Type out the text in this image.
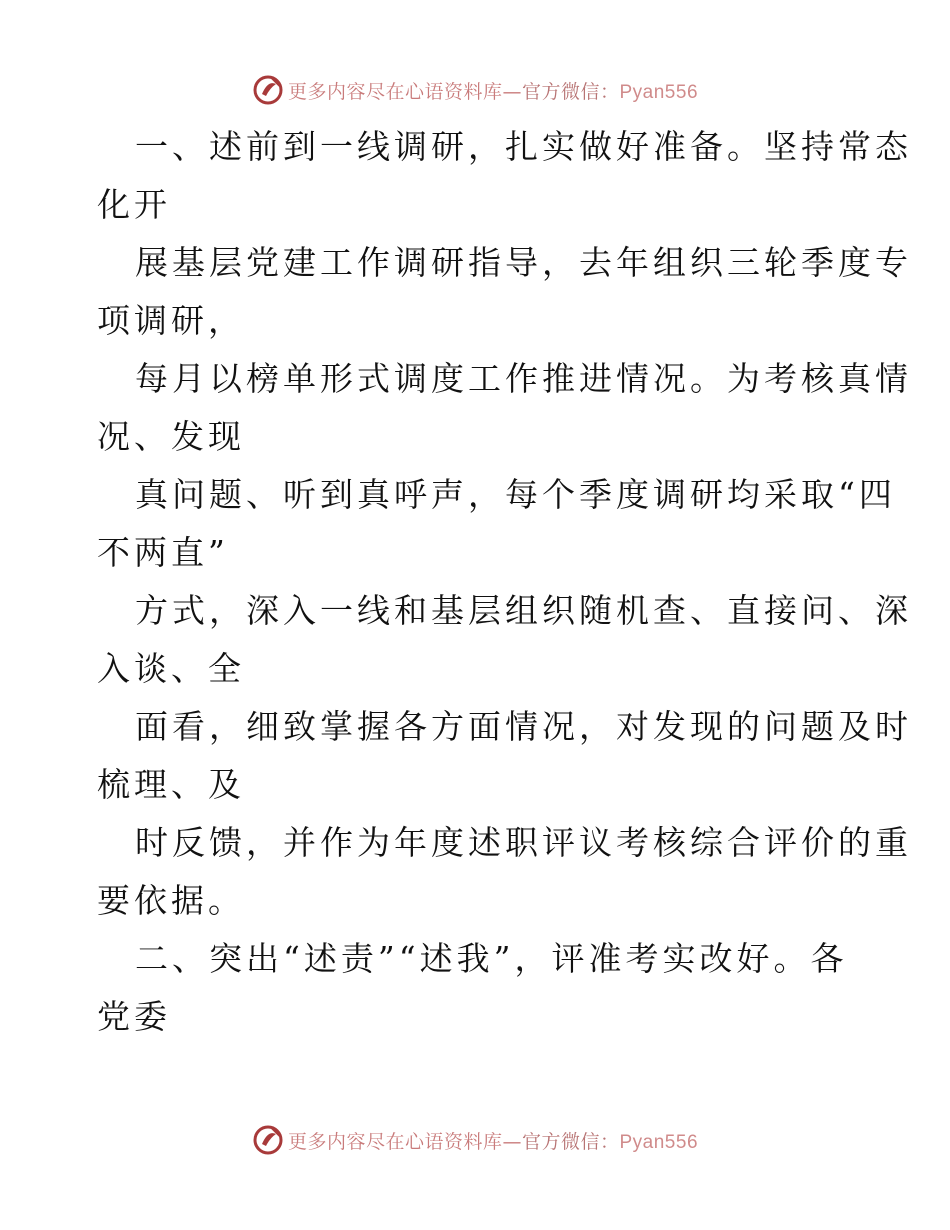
更多内容尽在心语资料库—官方微信：Pyan556
一、述前到一线调研，扎实做好准备。坚持常态
化开
展基层党建工作调研指导，去年组织三轮季度专
项调研，
每月以榜单形式调度工作推进情况。为考核真情
况、发现
真问题、听到真呼声，每个季度调研均采取“四
不两直”
方式，深入一线和基层组织随机查、直接问、深
入谈、全
面看，细致掌握各方面情况，对发现的问题及时
梳理、及
时反馈，并作为年度述职评议考核综合评价的重
要依据。
二、突出“述责”“述我”，评准考实改好。各
党委
更多内容尽在心语资料库—官方微信：Pyan556
